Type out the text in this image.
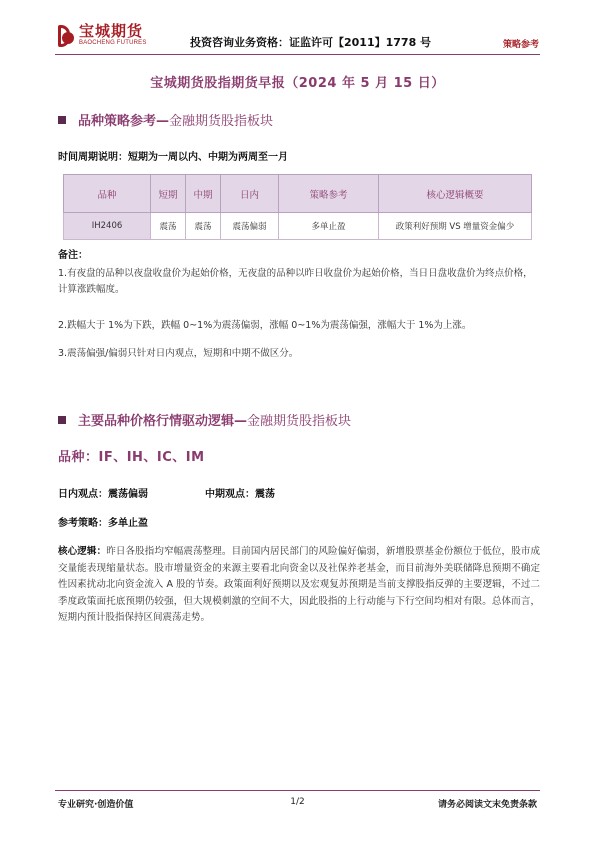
宝城期货
BAOCHENG FUTURES	投资咨询业务资格：证监许可【2011】1778 号	策略参考
宝城期货股指期货早报（2024 年 5 月 15 日）
品种策略参考— 金融期货股指板块
时间周期说明：短期为一周以内、中期为两周至一月
品种	短期	中期	日内	策略参考	核心逻辑概要
IH2406	震荡	震荡	震荡偏弱	多单止盈	政策利好预期 VS 增量资金偏少
备注：
1.有夜盘的品种以夜盘收盘价为起始价格，无夜盘的品种以昨日收盘价为起始价格，当日日盘收盘价为终点价格，计算涨跌幅度。
2.跌幅大于 1%为下跌，跌幅 0~1%为震荡偏弱，涨幅 0~1%为震荡偏强，涨幅大于 1%为上涨。
3.震荡偏强/偏弱只针对日内观点，短期和中期不做区分。
主要品种价格行情驱动逻辑— 金融期货股指板块
品种：IF、IH、IC、IM
日内观点：震荡偏弱	中期观点：震荡
参考策略：多单止盈
核心逻辑：昨日各股指均窄幅震荡整理。目前国内居民部门的风险偏好偏弱，新增股票基金份额位于低位，股市成交量能表现缩量状态。股市增量资金的来源主要看北向资金以及社保养老基金，而目前海外美联储降息预期不确定性因素扰动北向资金流入 A 股的节奏。政策面利好预期以及宏观复苏预期是当前支撑股指反弹的主要逻辑，不过二季度政策面托底预期仍较强，但大规模刺激的空间不大，因此股指的上行动能与下行空间均相对有限。总体而言，短期内预计股指保持区间震荡走势。
专业研究·创造价值	1/2	请务必阅读文末免责条款
